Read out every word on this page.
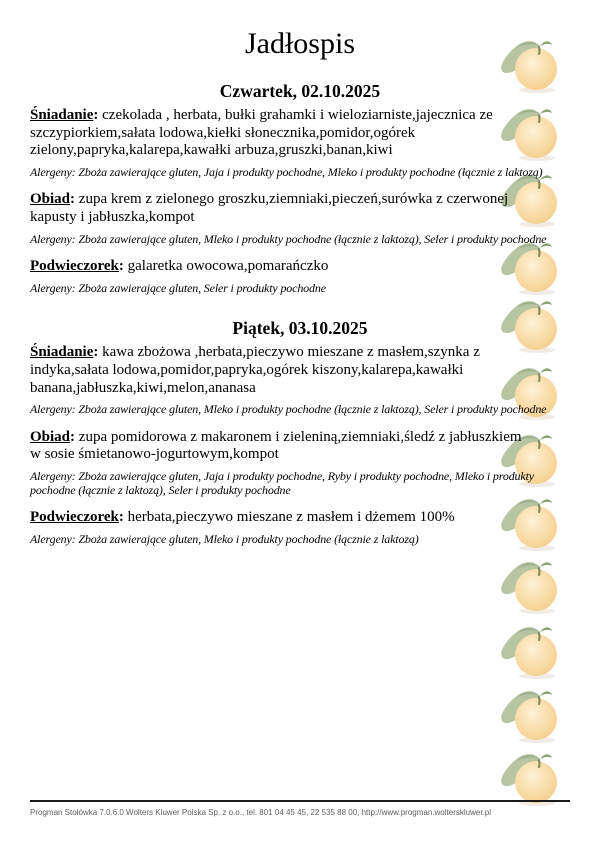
Jadłospis
Czwartek, 02.10.2025

Śniadanie: czekolada , herbata, bułki grahamki i wieloziarniste,jajecznica ze szczypiorkiem,sałata lodowa,kiełki słonecznika,pomidor,ogórek zielony,papryka,kalarepa,kawałki arbuza,gruszki,banan,kiwi

Alergeny: Zboża zawierające gluten, Jaja i produkty pochodne, Mleko i produkty pochodne (łącznie z laktozą)

Obiad: zupa krem z zielonego groszku,ziemniaki,pieczeń,surówka z czerwonej kapusty i jabłuszka,kompot

Alergeny: Zboża zawierające gluten, Mleko i produkty pochodne (łącznie z laktozą), Seler i produkty pochodne

Podwieczorek: galaretka owocowa,pomarańczko

Alergeny: Zboża zawierające gluten, Seler i produkty pochodne

Piątek, 03.10.2025

Śniadanie: kawa zbożowa ,herbata,pieczywo mieszane z masłem,szynka z indyka,sałata lodowa,pomidor,papryka,ogórek kiszony,kalarepa,kawałki banana,jabłuszka,kiwi,melon,ananasa

Alergeny: Zboża zawierające gluten, Mleko i produkty pochodne (łącznie z laktozą), Seler i produkty pochodne

Obiad: zupa pomidorowa z makaronem i zieleniną,ziemniaki,śledź z jabłuszkiem w sosie śmietanowo-jogurtowym,kompot

Alergeny: Zboża zawierające gluten, Jaja i produkty pochodne, Ryby i produkty pochodne, Mleko i produkty pochodne (łącznie z laktozą), Seler i produkty pochodne

Podwieczorek: herbata,pieczywo mieszane z masłem i dżemem 100%

Alergeny: Zboża zawierające gluten, Mleko i produkty pochodne (łącznie z laktozą)

Progman Stołówka 7.0.6.0 Wolters Kluwer Polska Sp. z o.o., tel. 801 04 45 45, 22 535 88 00, http://www.progman.wolterskluwer.pl
